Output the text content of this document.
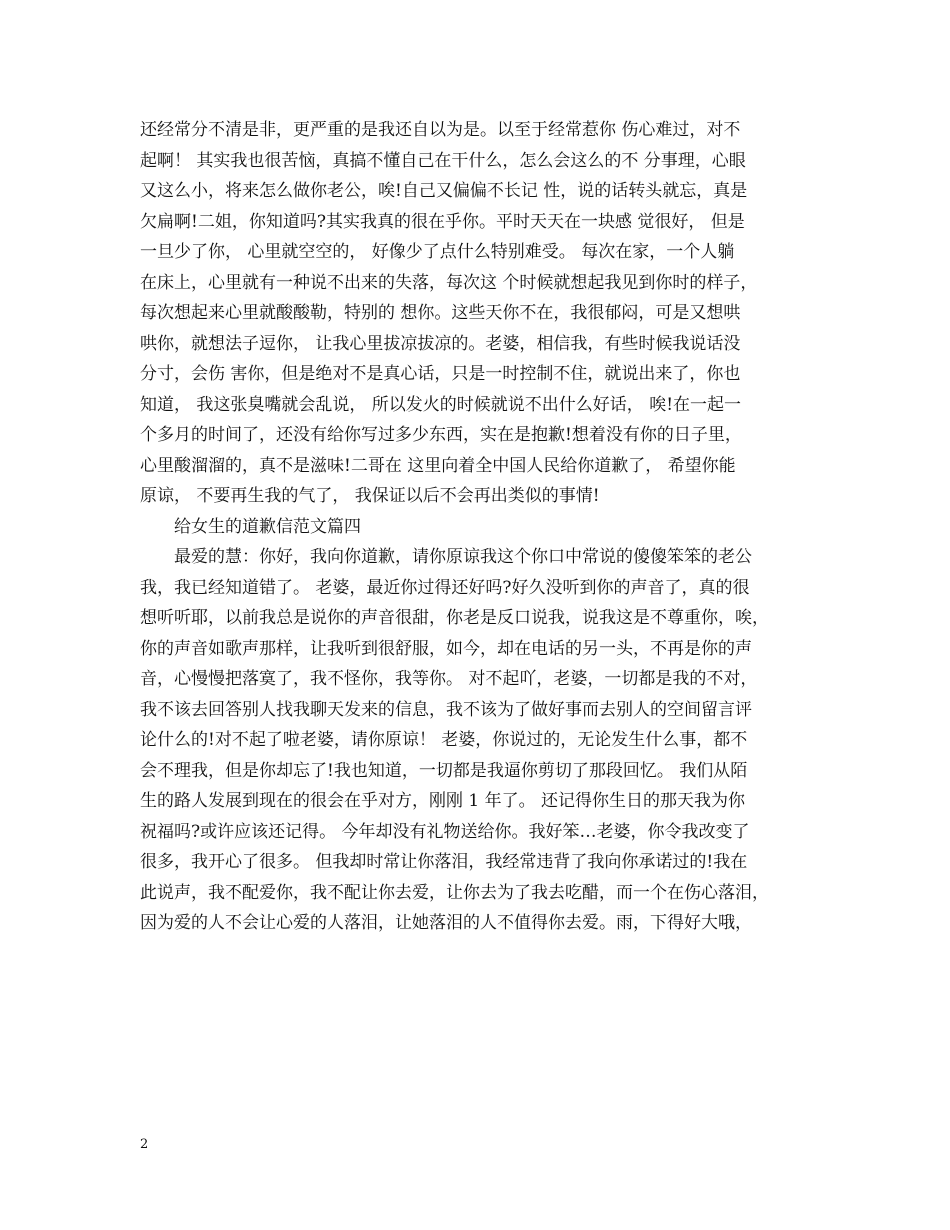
还经常分不清是非，更严重的是我还自以为是。以至于经常惹你 伤心难过，对不
起啊！ 其实我也很苦恼，真搞不懂自己在干什么，怎么会这么的不 分事理，心眼
又这么小，将来怎么做你老公，唉!自己又偏偏不长记 性，说的话转头就忘，真是
欠扁啊!二姐，你知道吗?其实我真的很在乎你。平时天天在一块感 觉很好， 但是
一旦少了你， 心里就空空的， 好像少了点什么特别难受。 每次在家，一个人躺
在床上，心里就有一种说不出来的失落，每次这 个时候就想起我见到你时的样子，
每次想起来心里就酸酸勒，特别的 想你。这些天你不在，我很郁闷，可是又想哄
哄你，就想法子逗你， 让我心里拔凉拔凉的。老婆，相信我，有些时候我说话没
分寸，会伤 害你，但是绝对不是真心话，只是一时控制不住，就说出来了，你也
知道， 我这张臭嘴就会乱说， 所以发火的时候就说不出什么好话， 唉!在一起一
个多月的时间了，还没有给你写过多少东西，实在是抱歉!想着没有你的日子里，
心里酸溜溜的，真不是滋味!二哥在 这里向着全中国人民给你道歉了， 希望你能
原谅， 不要再生我的气了， 我保证以后不会再出类似的事情!
给女生的道歉信范文篇四
最爱的慧：你好，我向你道歉，请你原谅我这个你口中常说的傻傻笨笨的老公
我，我已经知道错了。 老婆，最近你过得还好吗?好久没听到你的声音了，真的很
想听听耶，以前我总是说你的声音很甜，你老是反口说我，说我这是不尊重你，唉，
你的声音如歌声那样，让我听到很舒服，如今，却在电话的另一头，不再是你的声
音，心慢慢把落寞了，我不怪你，我等你。 对不起吖，老婆，一切都是我的不对，
我不该去回答别人找我聊天发来的信息，我不该为了做好事而去别人的空间留言评
论什么的!对不起了啦老婆，请你原谅！ 老婆，你说过的，无论发生什么事，都不
会不理我，但是你却忘了!我也知道，一切都是我逼你剪切了那段回忆。 我们从陌
生的路人发展到现在的很会在乎对方，刚刚 1 年了。 还记得你生日的那天我为你
祝福吗?或许应该还记得。 今年却没有礼物送给你。我好笨…老婆，你令我改变了
很多，我开心了很多。 但我却时常让你落泪，我经常违背了我向你承诺过的!我在
此说声，我不配爱你，我不配让你去爱，让你去为了我去吃醋，而一个在伤心落泪，
因为爱的人不会让心爱的人落泪，让她落泪的人不值得你去爱。雨，下得好大哦，
2
